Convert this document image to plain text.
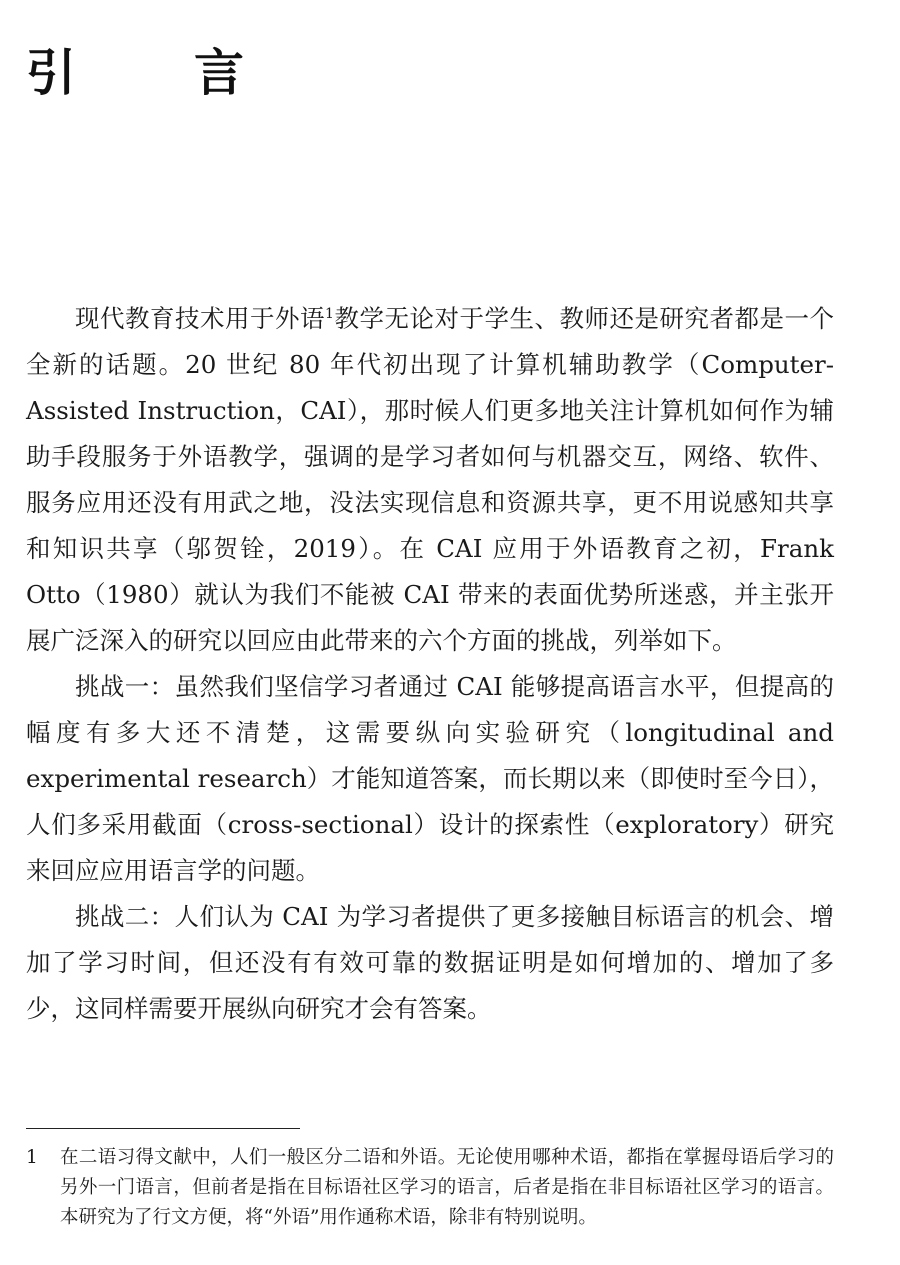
引　言

现代教育技术用于外语$^1$教学无论对于学生、教师还是研究者都是一个全新的话题。20 世纪 80 年代初出现了计算机辅助教学（Computer-Assisted Instruction，CAI），那时候人们更多地关注计算机如何作为辅助手段服务于外语教学，强调的是学习者如何与机器交互，网络、软件、服务应用还没有用武之地，没法实现信息和资源共享，更不用说感知共享和知识共享（邬贺铨，2019）。在 CAI 应用于外语教育之初，Frank Otto（1980）就认为我们不能被 CAI 带来的表面优势所迷惑，并主张开展广泛深入的研究以回应由此带来的六个方面的挑战，列举如下。

挑战一：虽然我们坚信学习者通过 CAI 能够提高语言水平，但提高的幅度有多大还不清楚，这需要纵向实验研究（longitudinal and experimental research）才能知道答案，而长期以来（即使时至今日），人们多采用截面（cross-sectional）设计的探索性（exploratory）研究来回应应用语言学的问题。

挑战二：人们认为 CAI 为学习者提供了更多接触目标语言的机会、增加了学习时间，但还没有有效可靠的数据证明是如何增加的、增加了多少，这同样需要开展纵向研究才会有答案。

1 在二语习得文献中，人们一般区分二语和外语。无论使用哪种术语，都指在掌握母语后学习的另外一门语言，但前者是指在目标语社区学习的语言，后者是指在非目标语社区学习的语言。本研究为了行文方便，将“外语”用作通称术语，除非有特别说明。
